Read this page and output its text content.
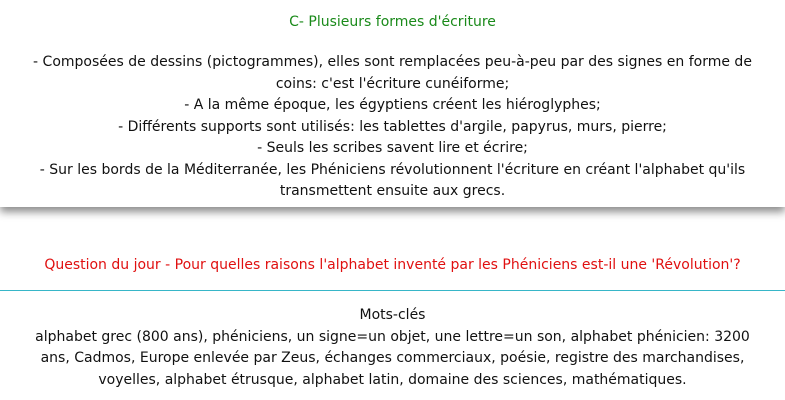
C- Plusieurs formes d'écriture
- Composées de dessins (pictogrammes), elles sont remplacées peu-à-peu par des signes en forme de coins: c'est l'écriture cunéiforme;
- A la même époque, les égyptiens créent les hiéroglyphes;
- Différents supports sont utilisés: les tablettes d'argile, papyrus, murs, pierre;
- Seuls les scribes savent lire et écrire;
- Sur les bords de la Méditerranée, les Phéniciens révolutionnent l'écriture en créant l'alphabet qu'ils transmettent ensuite aux grecs.
Question du jour - Pour quelles raisons l'alphabet inventé par les Phéniciens est-il une 'Révolution'?
Mots-clés
alphabet grec (800 ans), phéniciens, un signe=un objet, une lettre=un son, alphabet phénicien: 3200 ans, Cadmos, Europe enlevée par Zeus, échanges commerciaux, poésie, registre des marchandises, voyelles, alphabet étrusque, alphabet latin, domaine des sciences, mathématiques.
